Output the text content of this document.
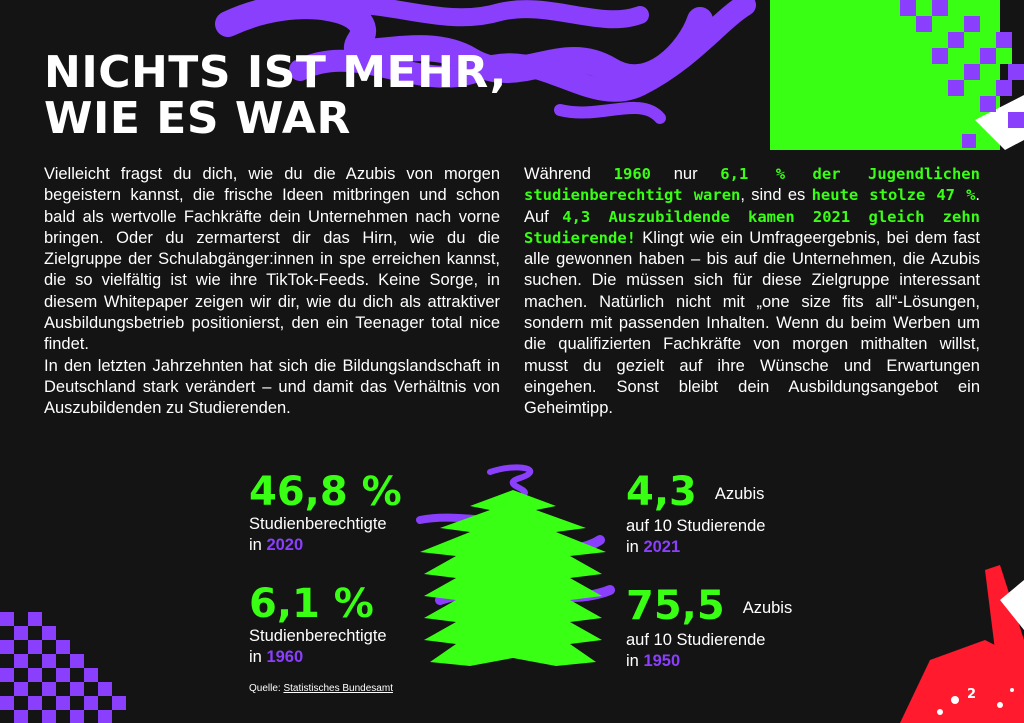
NICHTS IST MEHR,
WIE ES WAR

Vielleicht fragst du dich, wie du die Azubis von morgen begeistern kannst, die frische Ideen mitbringen und schon bald als wertvolle Fachkräfte dein Unternehmen nach vorne bringen. Oder du zermarterst dir das Hirn, wie du die Zielgruppe der Schulabgänger:innen in spe erreichen kannst, die so vielfältig ist wie ihre TikTok-Feeds. Keine Sorge, in diesem Whitepaper zeigen wir dir, wie du dich als attraktiver Ausbildungsbetrieb positionierst, den ein Teenager total nice findet.

In den letzten Jahrzehnten hat sich die Bildungslandschaft in Deutschland stark verändert – und damit das Verhältnis von Auszubildenden zu Studierenden.

Während 1960 nur 6,1 % der Jugendlichen studienberechtigt waren, sind es heute stolze 47 %. Auf 4,3 Auszubildende kamen 2021 gleich zehn Studierende! Klingt wie ein Umfrageergebnis, bei dem fast alle gewonnen haben – bis auf die Unternehmen, die Azubis suchen. Die müssen sich für diese Zielgruppe interessant machen. Natürlich nicht mit „one size fits all“-Lösungen, sondern mit passenden Inhalten. Wenn du beim Werben um die qualifizierten Fachkräfte von morgen mithalten willst, musst du gezielt auf ihre Wünsche und Erwartungen eingehen. Sonst bleibt dein Ausbildungsangebot ein Geheimtipp.

46,8 %
Studienberechtigte
in 2020
6,1 %
Studienberechtigte
in 1960
4,3 Azubis
auf 10 Studierende
in 2021
75,5 Azubis
auf 10 Studierende
in 1950
Quelle: Statistisches Bundesamt	2
